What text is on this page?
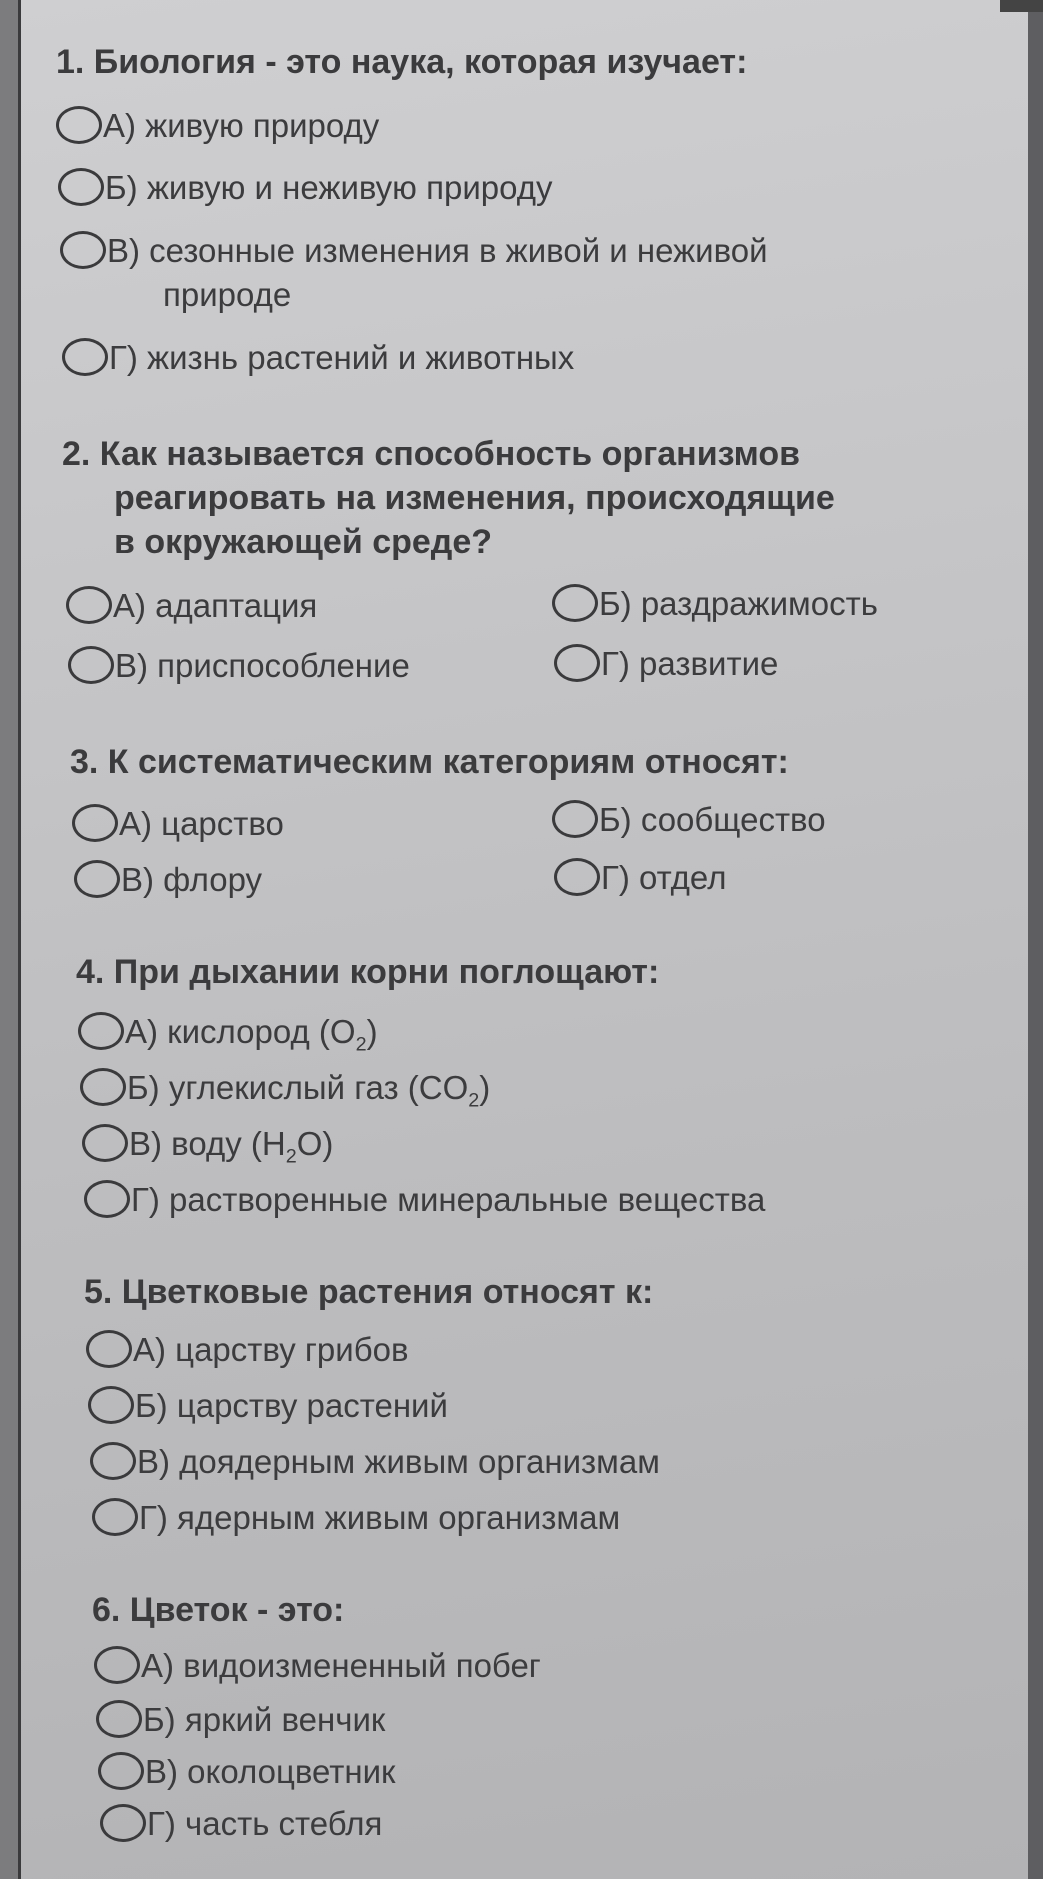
1. Биология - это наука, которая изучает:

А) живую природу
Б) живую и неживую природу
В) сезонные изменения в живой и неживой
природе
Г) жизнь растений и животных

2. Как называется способность организмов
реагировать на изменения, происходящие
в окружающей среде?

А) адаптация	Б) раздражимость
В) приспособление	Г) развитие

3. К систематическим категориям относят:

А) царство	Б) сообщество
В) флору	Г) отдел

4. При дыхании корни поглощают:

А) кислород $(O_2)$
Б) углекислый газ $(CO_2)$
В) воду $(H_2O)$
Г) растворенные минеральные вещества

5. Цветковые растения относят к:

А) царству грибов
Б) царству растений
В) доядерным живым организмам
Г) ядерным живым организмам

6. Цветок - это:

А) видоизмененный побег
Б) яркий венчик
В) околоцветник
Г) часть стебля
